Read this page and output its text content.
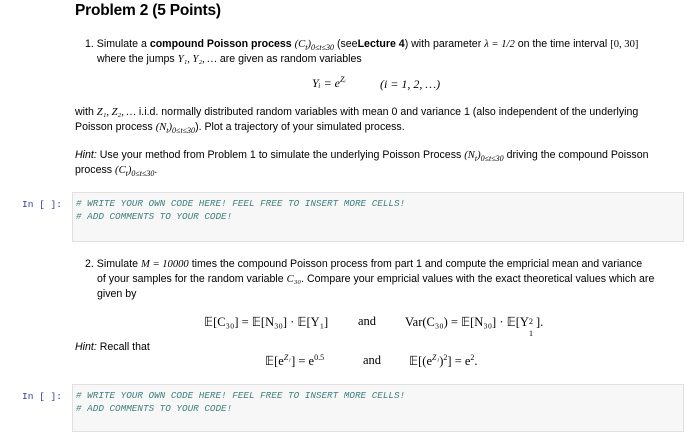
Problem 2 (5 Points)
1. Simulate a compound Poisson process $(C_t)_{0\le t\le 30}$ (seeLecture 4) with parameter λ = 1/2 on the time interval [0, 30]
where the jumps Y₁, Y₂, … are given as random variables
Yᵢ = $e^{Zᵢ}$	(i = 1, 2, …)
with Z₁, Z₂, … i.i.d. normally distributed random variables with mean 0 and variance 1 (also independent of the underlying
Poisson process $(N_t)_{0\le t\le 30}$). Plot a trajectory of your simulated process.
Hint: Use your method from Problem 1 to simulate the underlying Poisson Process $(N_t)_{0\le t\le 30}$ driving the compound Poisson
process $(C_t)_{0\le t\le 30}$.
In [ ]: # WRITE YOUR OWN CODE HERE! FEEL FREE TO INSERT MORE CELLS!
# ADD COMMENTS TO YOUR CODE!
2. Simulate M = 10000 times the compound Poisson process from part 1 and compute the empricial mean and variance
of your samples for the random variable C₃₀. Compare your empricial values with the exact theoretical values which are
given by
𝔼[C₃₀] = 𝔼[N₃₀] · 𝔼[Y₁] and Var(C₃₀) = 𝔼[N₃₀] · 𝔼[Y 2
1
].
Hint: Recall that
$𝔼[e^{Z_1}] = e^{0.5}$	and $𝔼[(e^{Z_1})^2] = e^2$.
In [ ]: # WRITE YOUR OWN CODE HERE! FEEL FREE TO INSERT MORE CELLS!
# ADD COMMENTS TO YOUR CODE!
